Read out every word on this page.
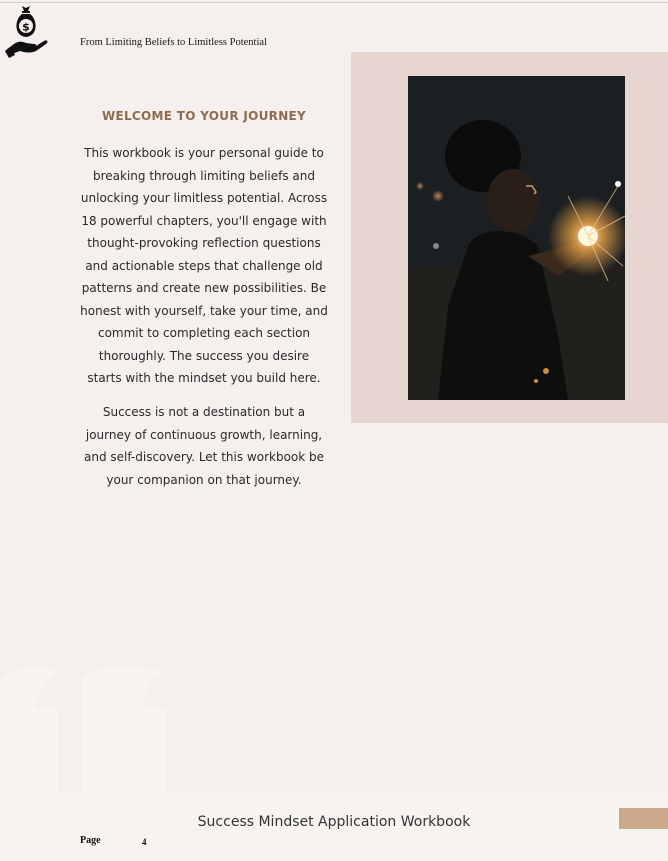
$
From Limiting Beliefs to Limitless Potential
WELCOME TO YOUR JOURNEY

This workbook is your personal guide to breaking through limiting beliefs and unlocking your limitless potential. Across 18 powerful chapters, you'll engage with thought-provoking reflection questions and actionable steps that challenge old patterns and create new possibilities. Be honest with yourself, take your time, and commit to completing each section thoroughly. The success you desire starts with the mindset you build here.

Success is not a destination but a journey of continuous growth, learning, and self-discovery. Let this workbook be your companion on that journey.

Success Mindset Application Workbook
Page	4
